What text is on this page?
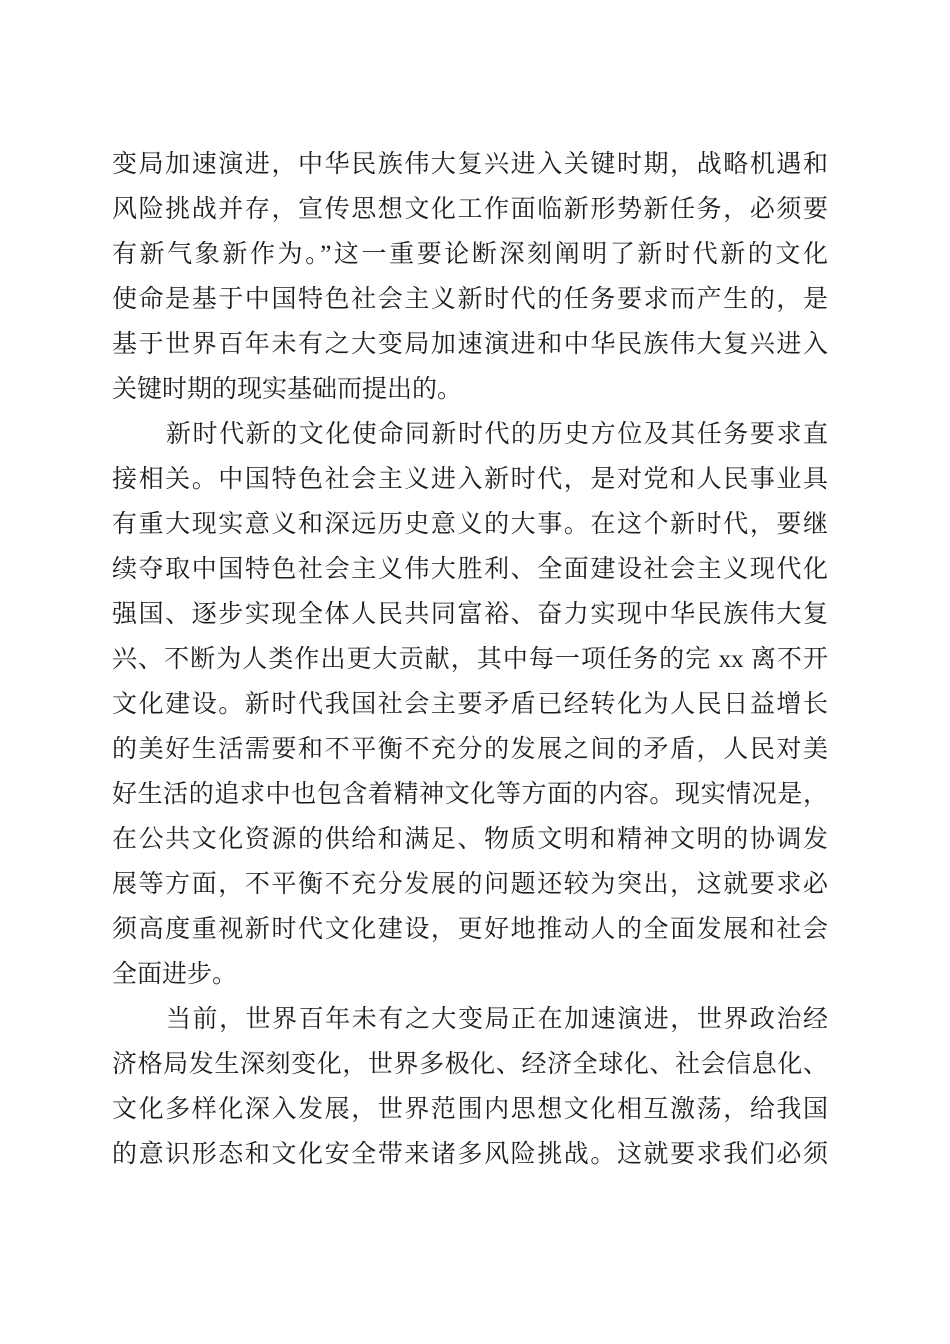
变局加速演进，中华民族伟大复兴进入关键时期，战略机遇和
风险挑战并存，宣传思想文化工作面临新形势新任务，必须要
有新气象新作为。”这一重要论断深刻阐明了新时代新的文化
使命是基于中国特色社会主义新时代的任务要求而产生的，是
基于世界百年未有之大变局加速演进和中华民族伟大复兴进入
关键时期的现实基础而提出的。
新时代新的文化使命同新时代的历史方位及其任务要求直
接相关。中国特色社会主义进入新时代，是对党和人民事业具
有重大现实意义和深远历史意义的大事。在这个新时代，要继
续夺取中国特色社会主义伟大胜利、全面建设社会主义现代化
强国、逐步实现全体人民共同富裕、奋力实现中华民族伟大复
兴、不断为人类作出更大贡献，其中每一项任务的完 xx 离不开
文化建设。新时代我国社会主要矛盾已经转化为人民日益增长
的美好生活需要和不平衡不充分的发展之间的矛盾，人民对美
好生活的追求中也包含着精神文化等方面的内容。现实情况是，
在公共文化资源的供给和满足、物质文明和精神文明的协调发
展等方面，不平衡不充分发展的问题还较为突出，这就要求必
须高度重视新时代文化建设，更好地推动人的全面发展和社会
全面进步。
当前，世界百年未有之大变局正在加速演进，世界政治经
济格局发生深刻变化，世界多极化、经济全球化、社会信息化、
文化多样化深入发展，世界范围内思想文化相互激荡，给我国
的意识形态和文化安全带来诸多风险挑战。这就要求我们必须
